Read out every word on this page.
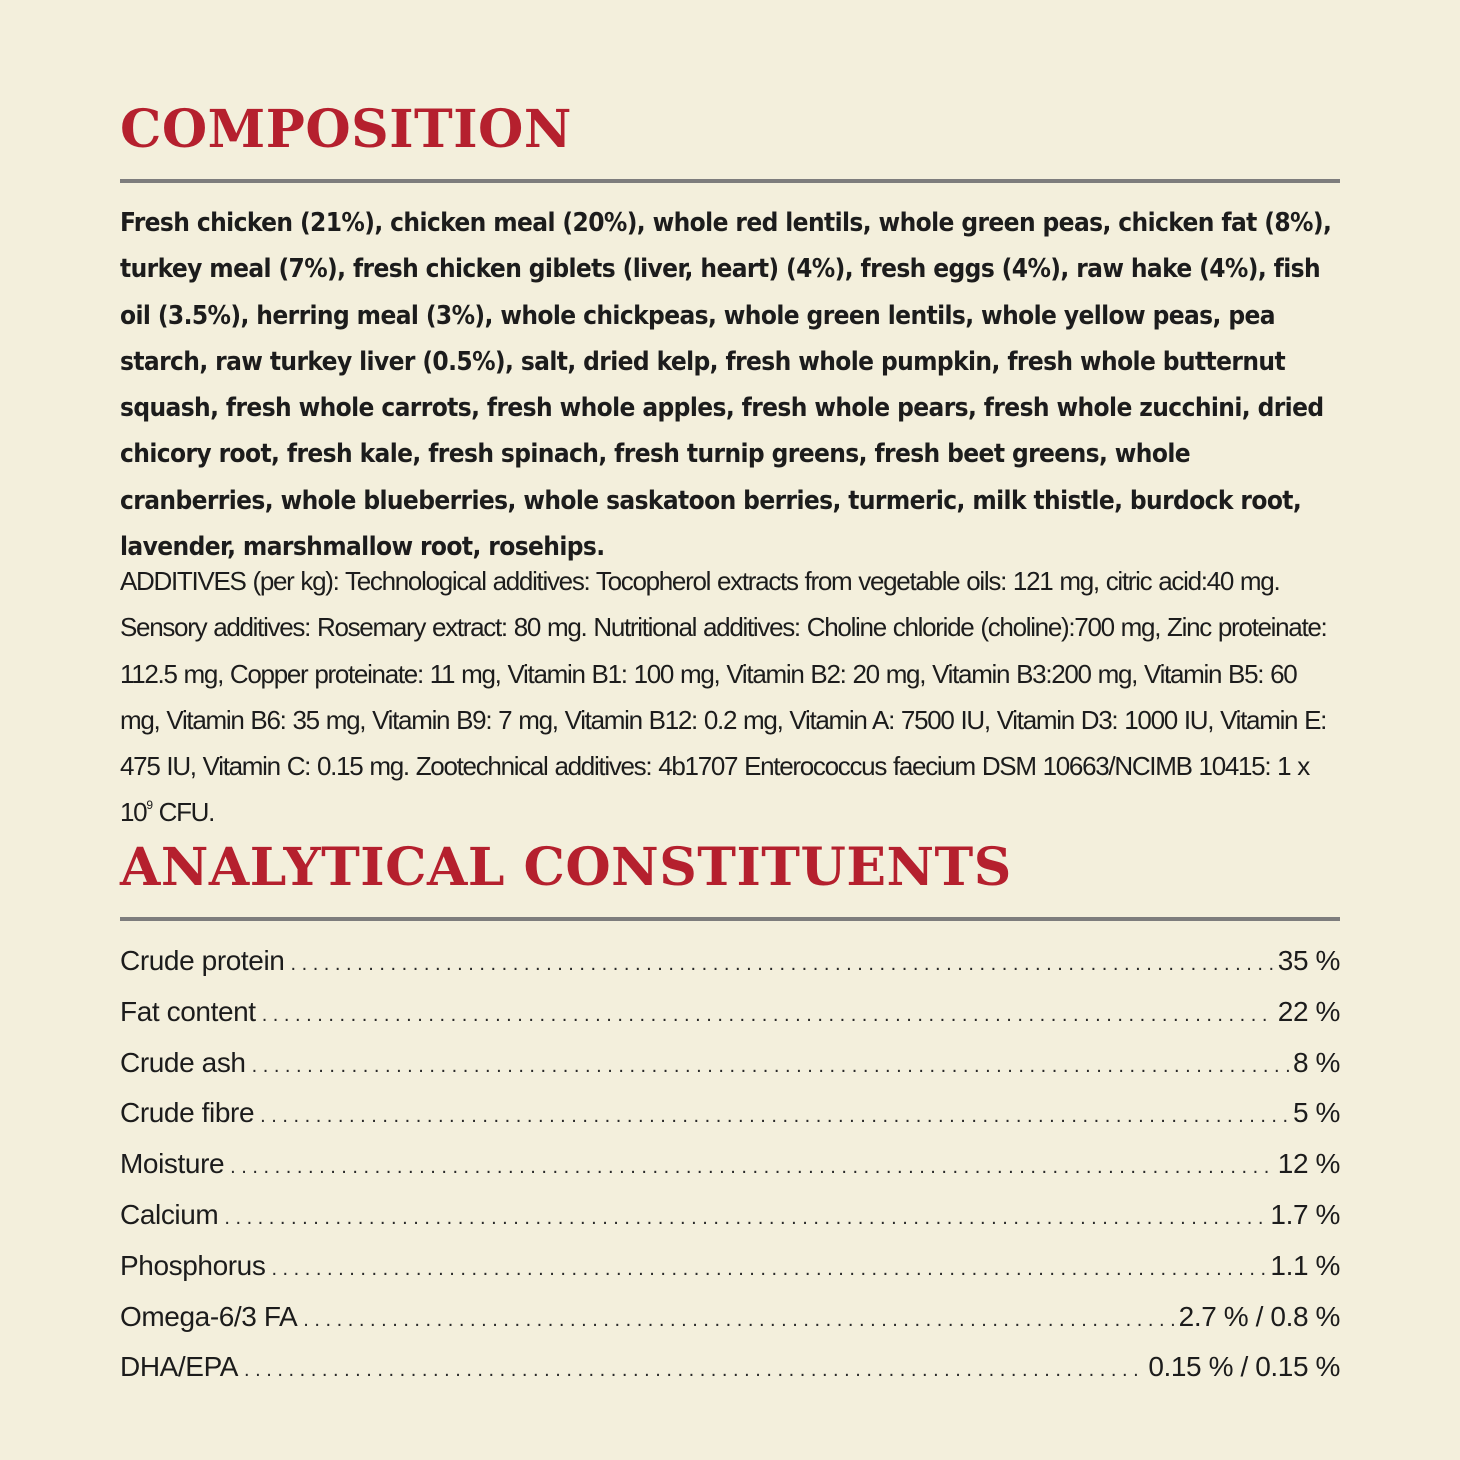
COMPOSITION

Fresh chicken (21%), chicken meal (20%), whole red lentils, whole green peas, chicken fat (8%), turkey meal (7%), fresh chicken giblets (liver, heart) (4%), fresh eggs (4%), raw hake (4%), fish oil (3.5%), herring meal (3%), whole chickpeas, whole green lentils, whole yellow peas, pea starch, raw turkey liver (0.5%), salt, dried kelp, fresh whole pumpkin, fresh whole butternut squash, fresh whole carrots, fresh whole apples, fresh whole pears, fresh whole zucchini, dried chicory root, fresh kale, fresh spinach, fresh turnip greens, fresh beet greens, whole cranberries, whole blueberries, whole saskatoon berries, turmeric, milk thistle, burdock root, lavender, marshmallow root, rosehips.

ADDITIVES (per kg): Technological additives: Tocopherol extracts from vegetable oils: 121 mg, citric acid:40 mg. Sensory additives: Rosemary extract: 80 mg. Nutritional additives: Choline chloride (choline):700 mg, Zinc proteinate: 112.5 mg, Copper proteinate: 11 mg, Vitamin B1: 100 mg, Vitamin B2: 20 mg, Vitamin B3:200 mg, Vitamin B5: 60 mg, Vitamin B6: 35 mg, Vitamin B9: 7 mg, Vitamin B12: 0.2 mg, Vitamin A: 7500 IU, Vitamin D3: 1000 IU, Vitamin E: 475 IU, Vitamin C: 0.15 mg. Zootechnical additives: 4b1707 Enterococcus faecium DSM 10663/NCIMB 10415: 1 x $10^9$ CFU.

ANALYTICAL CONSTITUENTS
Crude protein . . .	35 %
Fat content . . .	22 %
Crude ash . . .	8 %
Crude fibre . . .	5 %
Moisture . . .	12 %
Calcium . . .	1.7 %
Phosphorus . . .	1.1 %
Omega-6/3 FA . . .	2.7 % / 0.8 %
DHA/EPA . . .	0.15 % / 0.15 %
